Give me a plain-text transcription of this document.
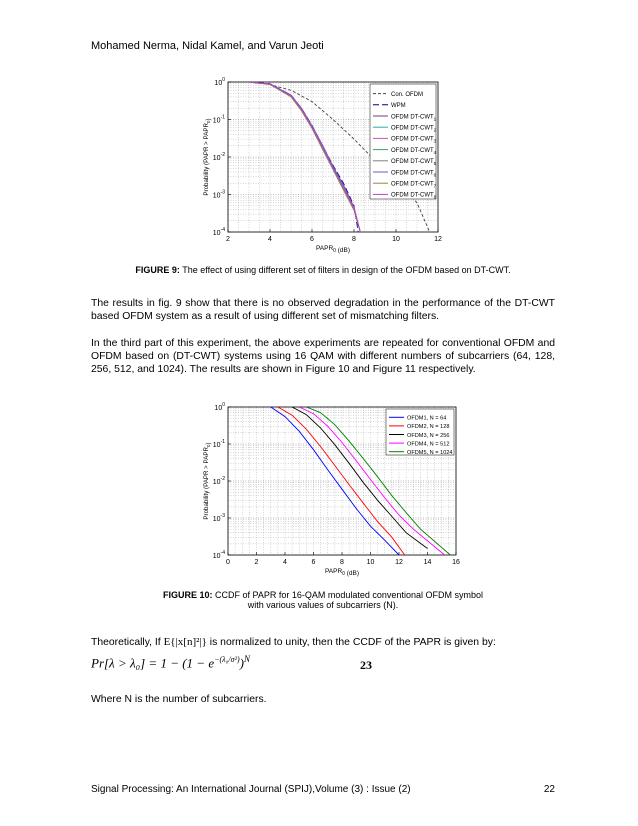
Mohamed Nerma, Nidal Kamel, and Varun Jeoti
2	4	6	8	10	12
$10^0$
$10^{-1}$
$10^{-2}$
$10^{-3}$
$10^{-4}$
$PAPR_0$ (dB)
Probability (PAPR > $PAPR_0$)
Con. OFDM
WPM
OFDM $DT-CWT_1$
OFDM $DT-CWT_2$
OFDM $DT-CWT_3$
OFDM $DT-CWT_4$
OFDM $DT-CWT_5$
OFDM $DT-CWT_6$
OFDM $DT-CWT_7$
OFDM $DT-CWT_8$
FIGURE 9: The effect of using different set of filters in design of the OFDM based on DT-CWT.
The results in fig. 9 show that there is no observed degradation in the performance of the DT-CWT based OFDM system as a result of using different set of mismatching filters.
In the third part of this experiment, the above experiments are repeated for conventional OFDM and OFDM based on (DT-CWT) systems using 16 QAM with different numbers of subcarriers (64, 128, 256, 512, and 1024). The results are shown in Figure 10 and Figure 11 respectively.
0	2	4	6	8	10	12	14	16
$10^0$
$10^{-1}$
$10^{-2}$
$10^{-3}$
$10^{-4}$
$PAPR_0$ (dB)
Probability (PAPR > $PAPR_0$)
OFDM1, N = 64
OFDM2, N = 128
OFDM3, N = 256
OFDM4, N = 512
OFDM5, N = 1024
FIGURE 10: CCDF of PAPR for 16-QAM modulated conventional OFDM symbol
with various values of subcarriers (N).
Theoretically, If E{|x[n]²|} is normalized to unity, then the CCDF of the PAPR is given by:
$Pr[\lambda > \lambda_0] = 1 - (1 - e^{-(\lambda_0/\sigma^2)})^N$	23
Where N is the number of subcarriers.
Signal Processing: An International Journal (SPIJ),Volume (3) : Issue (2)	22
